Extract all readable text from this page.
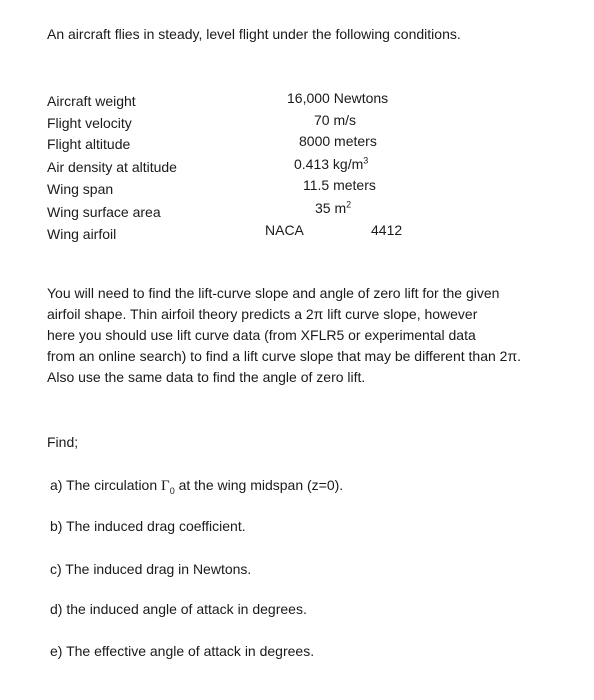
An aircraft flies in steady, level flight under the following conditions.
Aircraft weight	16,000 Newtons
Flight velocity	70 m/s
Flight altitude	8000 meters
Air density at altitude	0.413 $kg/m^3$
Wing span	11.5 meters
Wing surface area	35 $m^2$
Wing airfoil	NACA	4412
You will need to find the lift-curve slope and angle of zero lift for the given
airfoil shape. Thin airfoil theory predicts a 2π lift curve slope, however
here you should use lift curve data (from XFLR5 or experimental data
from an online search) to find a lift curve slope that may be different than 2π.
Also use the same data to find the angle of zero lift.
Find;
a) The circulation $\Gamma_0$ at the wing midspan (z=0).
b) The induced drag coefficient.
c) The induced drag in Newtons.
d) the induced angle of attack in degrees.
e) The effective angle of attack in degrees.
